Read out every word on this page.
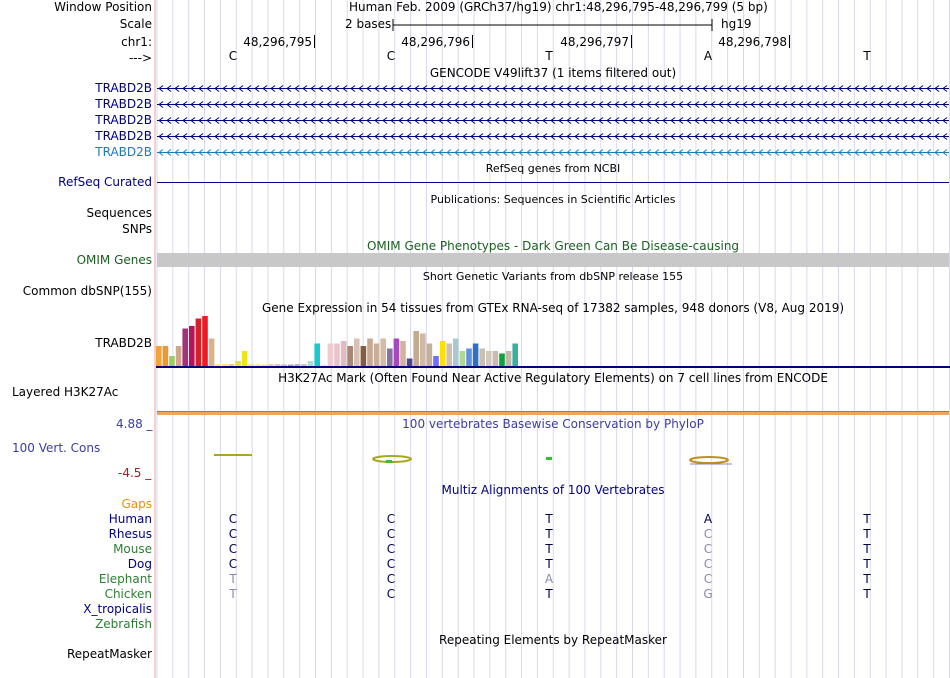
Window Position	Human Feb. 2009 (GRCh37/hg19) chr1:48,296,795-48,296,799 (5 bp)
Scale	2 bases	hg19
chr1:	48,296,795	48,296,796	48,296,797	48,296,798
--->	C	C	T	A	T
GENCODE V49lift37 (1 items filtered out)
TRABD2B
TRABD2B
TRABD2B
TRABD2B
TRABD2B
RefSeq genes from NCBI
RefSeq Curated
Publications: Sequences in Scientific Articles
Sequences
SNPs
OMIM Gene Phenotypes - Dark Green Can Be Disease-causing
OMIM Genes
Short Genetic Variants from dbSNP release 155
Common dbSNP(155)
Gene Expression in 54 tissues from GTEx RNA-seq of 17382 samples, 948 donors (V8, Aug 2019)
TRABD2B
H3K27Ac Mark (Often Found Near Active Regulatory Elements) on 7 cell lines from ENCODE
Layered H3K27Ac
4.88 _	100 vertebrates Basewise Conservation by PhyloP
100 Vert. Cons
-4.5 _
Multiz Alignments of 100 Vertebrates
Gaps
Human	C	C	T	A	T
Rhesus	C	C	T	C	T
Mouse	C	C	T	C	T
Dog	C	C	T	C	T
Elephant	T	C	A	C	T
Chicken	T	C	T	G	T
X_tropicalis
Zebrafish
Repeating Elements by RepeatMasker
RepeatMasker
